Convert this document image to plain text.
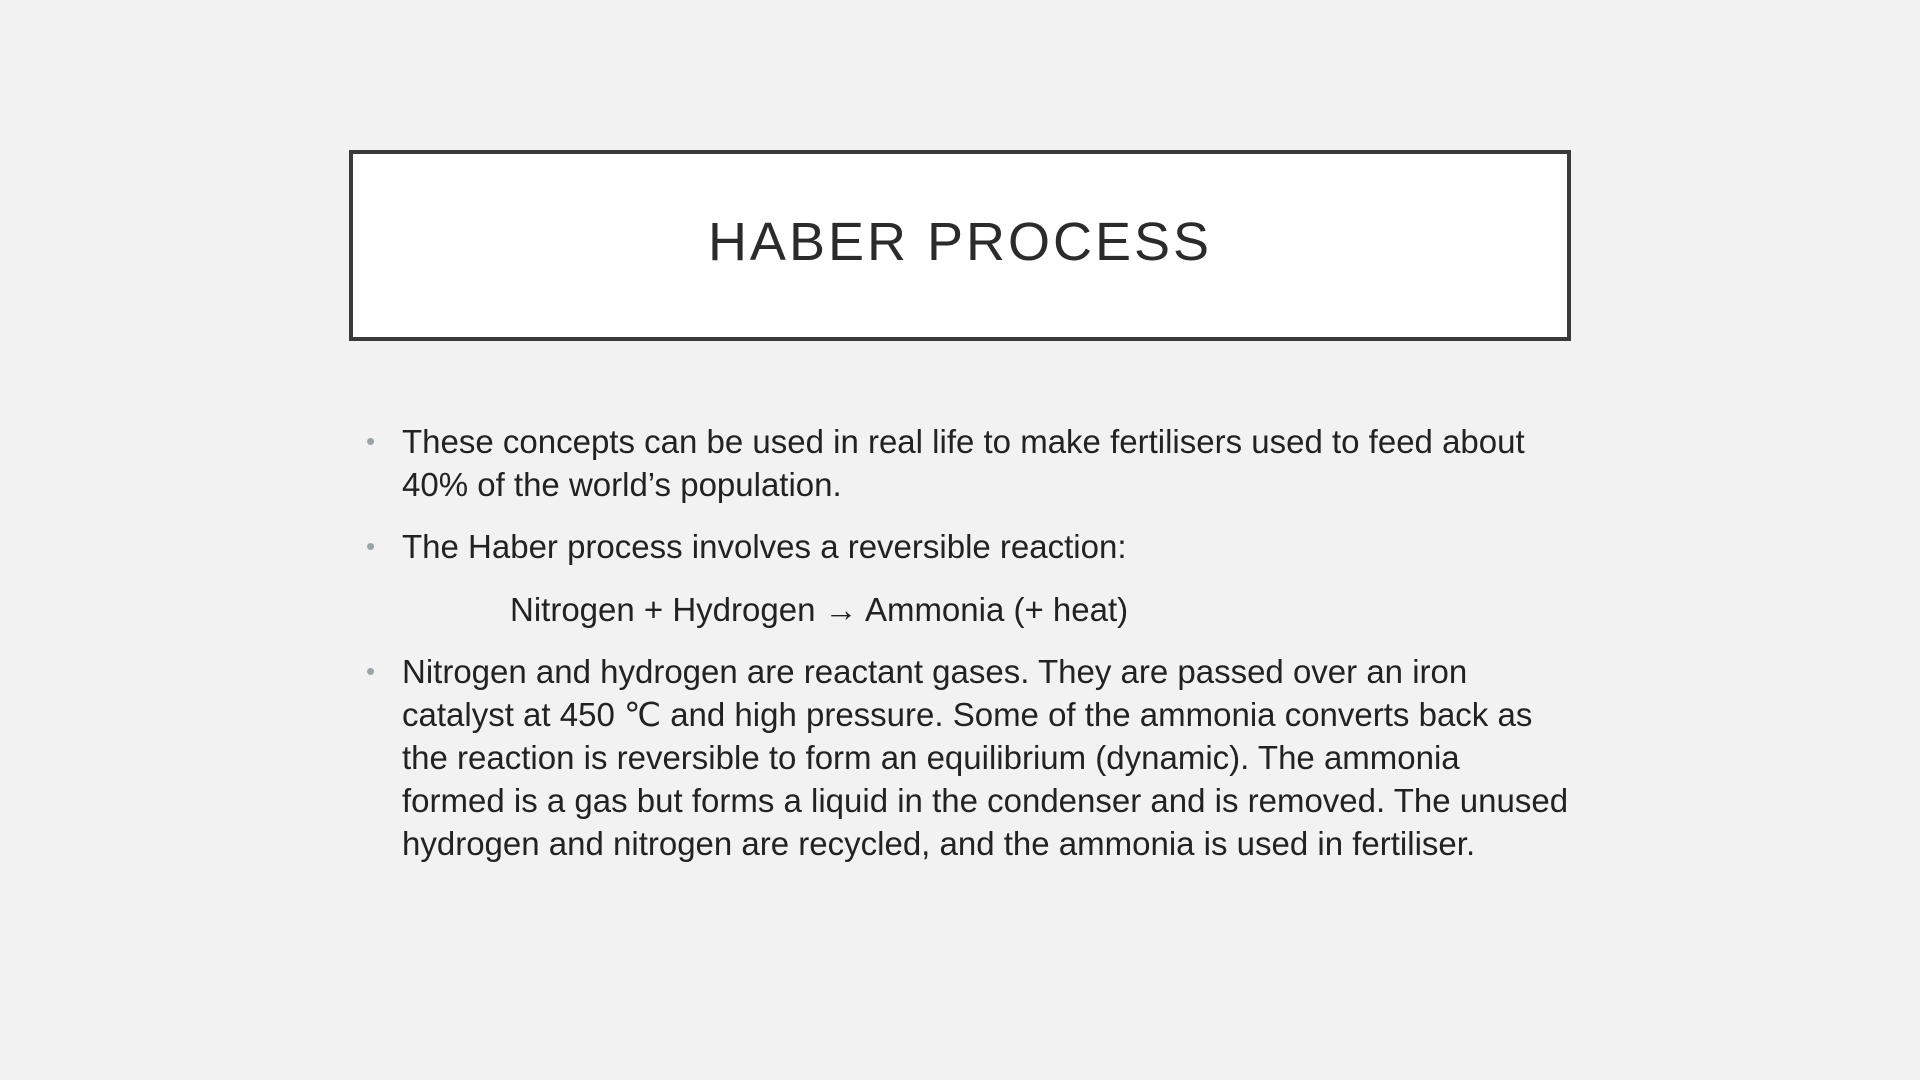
HABER PROCESS
• These concepts can be used in real life to make fertilisers used to feed about
40% of the world’s population.
• The Haber process involves a reversible reaction:
Nitrogen + Hydrogen → Ammonia (+ heat)
• Nitrogen and hydrogen are reactant gases. They are passed over an iron
catalyst at 450 ℃ and high pressure. Some of the ammonia converts back as
the reaction is reversible to form an equilibrium (dynamic). The ammonia
formed is a gas but forms a liquid in the condenser and is removed. The unused
hydrogen and nitrogen are recycled, and the ammonia is used in fertiliser.
